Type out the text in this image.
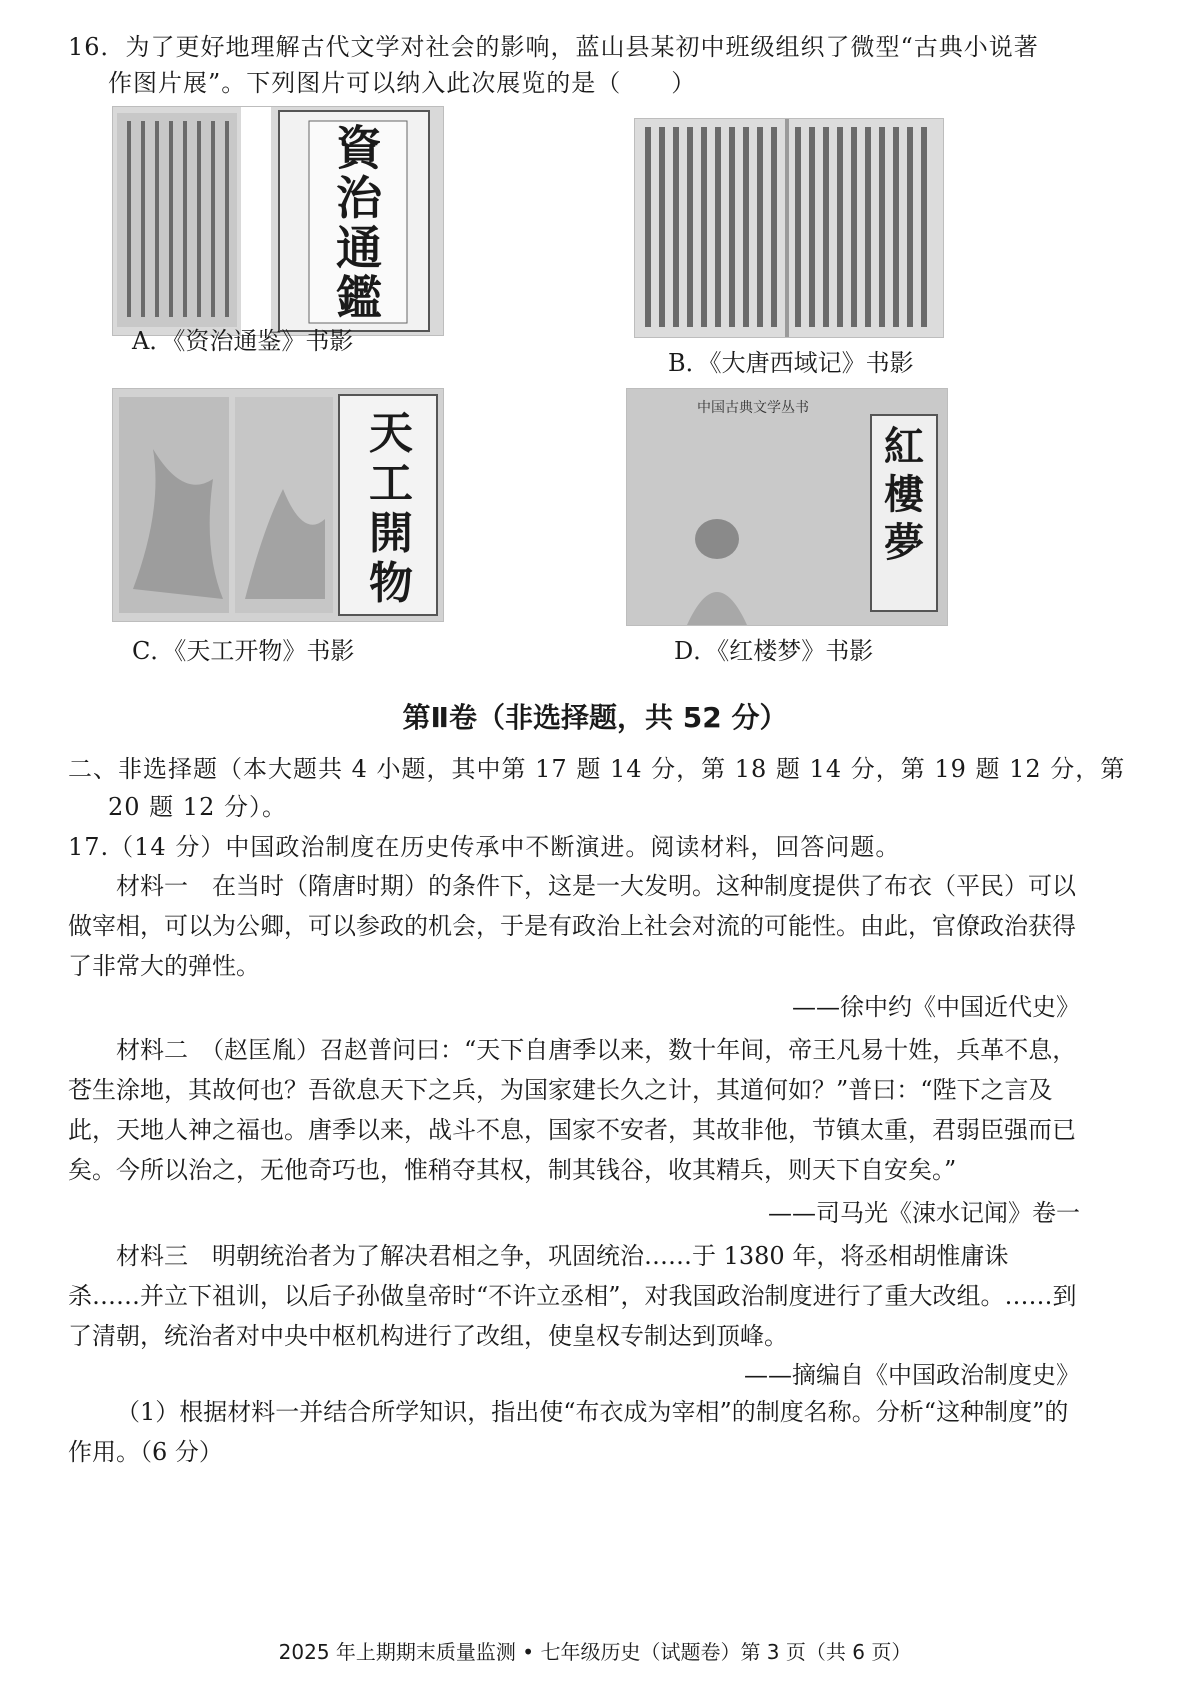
16．为了更好地理解古代文学对社会的影响，蓝山县某初中班级组织了微型“古典小说著
作图片展”。下列图片可以纳入此次展览的是（　　）
資治通鑑
A．《资治通鉴》书影
B．《大唐西域记》书影
天工開物
C．《天工开物》书影
中国古典文学丛书
紅樓夢
D．《红楼梦》书影
第Ⅱ卷（非选择题，共 52 分）
二、非选择题（本大题共 4 小题，其中第 17 题 14 分，第 18 题 14 分，第 19 题 12 分，第
20 题 12 分）。
17.（14 分）中国政治制度在历史传承中不断演进。阅读材料，回答问题。
材料一　在当时（隋唐时期）的条件下，这是一大发明。这种制度提供了布衣（平民）可以做宰相，可以为公卿，可以参政的机会，于是有政治上社会对流的可能性。由此，官僚政治获得了非常大的弹性。
——徐中约《中国近代史》
材料二　（赵匡胤）召赵普问曰：“天下自唐季以来，数十年间，帝王凡易十姓，兵革不息，苍生涂地，其故何也？吾欲息天下之兵，为国家建长久之计，其道何如？”普曰：“陛下之言及此，天地人神之福也。唐季以来，战斗不息，国家不安者，其故非他，节镇太重，君弱臣强而已矣。今所以治之，无他奇巧也，惟稍夺其权，制其钱谷，收其精兵，则天下自安矣。”
——司马光《涑水记闻》卷一
材料三　明朝统治者为了解决君相之争，巩固统治……于 1380 年，将丞相胡惟庸诛杀……并立下祖训，以后子孙做皇帝时“不许立丞相”，对我国政治制度进行了重大改组。……到了清朝，统治者对中央中枢机构进行了改组，使皇权专制达到顶峰。
——摘编自《中国政治制度史》
（1）根据材料一并结合所学知识，指出使“布衣成为宰相”的制度名称。分析“这种制度”的作用。（6 分）
2025 年上期期末质量监测 • 七年级历史（试题卷）第 3 页（共 6 页）
